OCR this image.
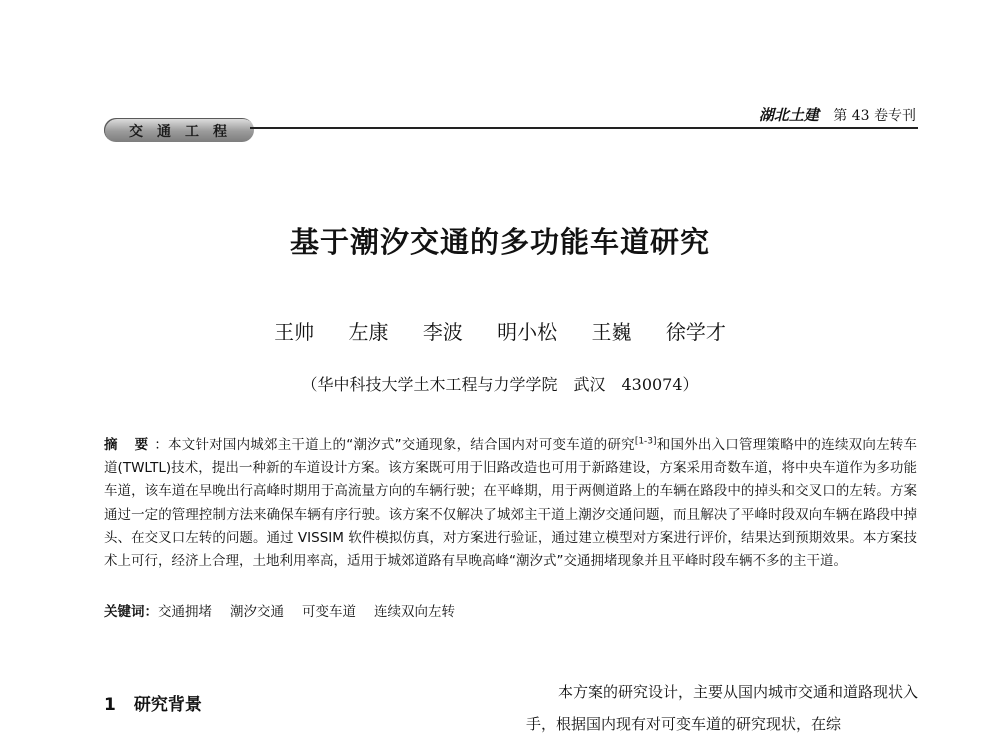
交通工程
湖北土建 第 43 卷专刊
基于潮汐交通的多功能车道研究
王帅 左康 李波 明小松 王巍 徐学才
（华中科技大学土木工程与力学学院　武汉　430074）
摘 要：本文针对国内城郊主干道上的“潮汐式”交通现象，结合国内对可变车道的研究[1-3]和国外出入口管理策略中的连续双向左转车道(TWLTL)技术，提出一种新的车道设计方案。该方案既可用于旧路改造也可用于新路建设，方案采用奇数车道，将中央车道作为多功能车道，该车道在早晚出行高峰时期用于高流量方向的车辆行驶；在平峰期，用于两侧道路上的车辆在路段中的掉头和交叉口的左转。方案通过一定的管理控制方法来确保车辆有序行驶。该方案不仅解决了城郊主干道上潮汐交通问题，而且解决了平峰时段双向车辆在路段中掉头、在交叉口左转的问题。通过 VISSIM 软件模拟仿真，对方案进行验证，通过建立模型对方案进行评价，结果达到预期效果。本方案技术上可行，经济上合理，土地利用率高，适用于城郊道路有早晚高峰“潮汐式”交通拥堵现象并且平峰时段车辆不多的主干道。
关键词：交通拥堵 潮汐交通 可变车道 连续双向左转
1 研究背景
本方案的研究设计，主要从国内城市交通和道路现状入手，根据国内现有对可变车道的研究现状，在综
